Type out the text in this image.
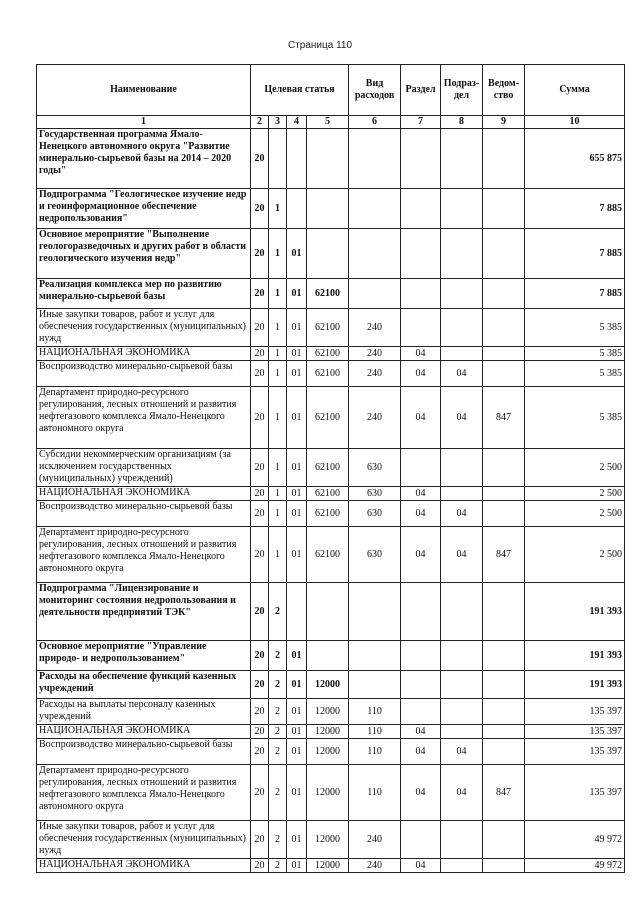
Страница 110
Наименование	Целевая статья				Вид расходов	Раздел	Подраз-дел	Ведом-ство	Сумма
1	2	3	4	5	6	7	8	9	10
Государственная программа Ямало-Ненецкого автономного округа "Развитие минерально-сырьевой базы на 2014 – 2020 годы"	20								655 875
Подпрограмма "Геологическое изучение недр и геоинформационное обеспечение недропользования"	20	1							7 885
Основное мероприятие "Выполнение геологоразведочных и других работ в области геологического изучения недр"	20	1	01						7 885
Реализация комплекса мер по развитию минерально-сырьевой базы	20	1	01	62100					7 885
Иные закупки товаров, работ и услуг для обеспечения государственных (муниципальных) нужд	20	1	01	62100	240				5 385
НАЦИОНАЛЬНАЯ ЭКОНОМИКА	20	1	01	62100	240	04			5 385
Воспроизводство минерально-сырьевой базы	20	1	01	62100	240	04	04		5 385
Департамент природно-ресурсного регулирования, лесных отношений и развития нефтегазового комплекса Ямало-Ненецкого автономного округа	20	1	01	62100	240	04	04	847	5 385
Субсидии некоммерческим организациям (за исключением государственных (муниципальных) учреждений)	20	1	01	62100	630				2 500
НАЦИОНАЛЬНАЯ ЭКОНОМИКА	20	1	01	62100	630	04			2 500
Воспроизводство минерально-сырьевой базы	20	1	01	62100	630	04	04		2 500
Департамент природно-ресурсного регулирования, лесных отношений и развития нефтегазового комплекса Ямало-Ненецкого автономного округа	20	1	01	62100	630	04	04	847	2 500
Подпрограмма "Лицензирование и мониторинг состояния недропользования и деятельности предприятий ТЭК"	20	2							191 393
Основное мероприятие "Управление природо- и недропользованием"	20	2	01						191 393
Расходы на обеспечение функций казенных учреждений	20	2	01	12000					191 393
Расходы на выплаты персоналу казенных учреждений	20	2	01	12000	110				135 397
НАЦИОНАЛЬНАЯ ЭКОНОМИКА	20	2	01	12000	110	04			135 397
Воспроизводство минерально-сырьевой базы	20	2	01	12000	110	04	04		135 397
Департамент природно-ресурсного регулирования, лесных отношений и развития нефтегазового комплекса Ямало-Ненецкого автономного округа	20	2	01	12000	110	04	04	847	135 397
Иные закупки товаров, работ и услуг для обеспечения государственных (муниципальных) нужд	20	2	01	12000	240				49 972
НАЦИОНАЛЬНАЯ ЭКОНОМИКА	20	2	01	12000	240	04			49 972
